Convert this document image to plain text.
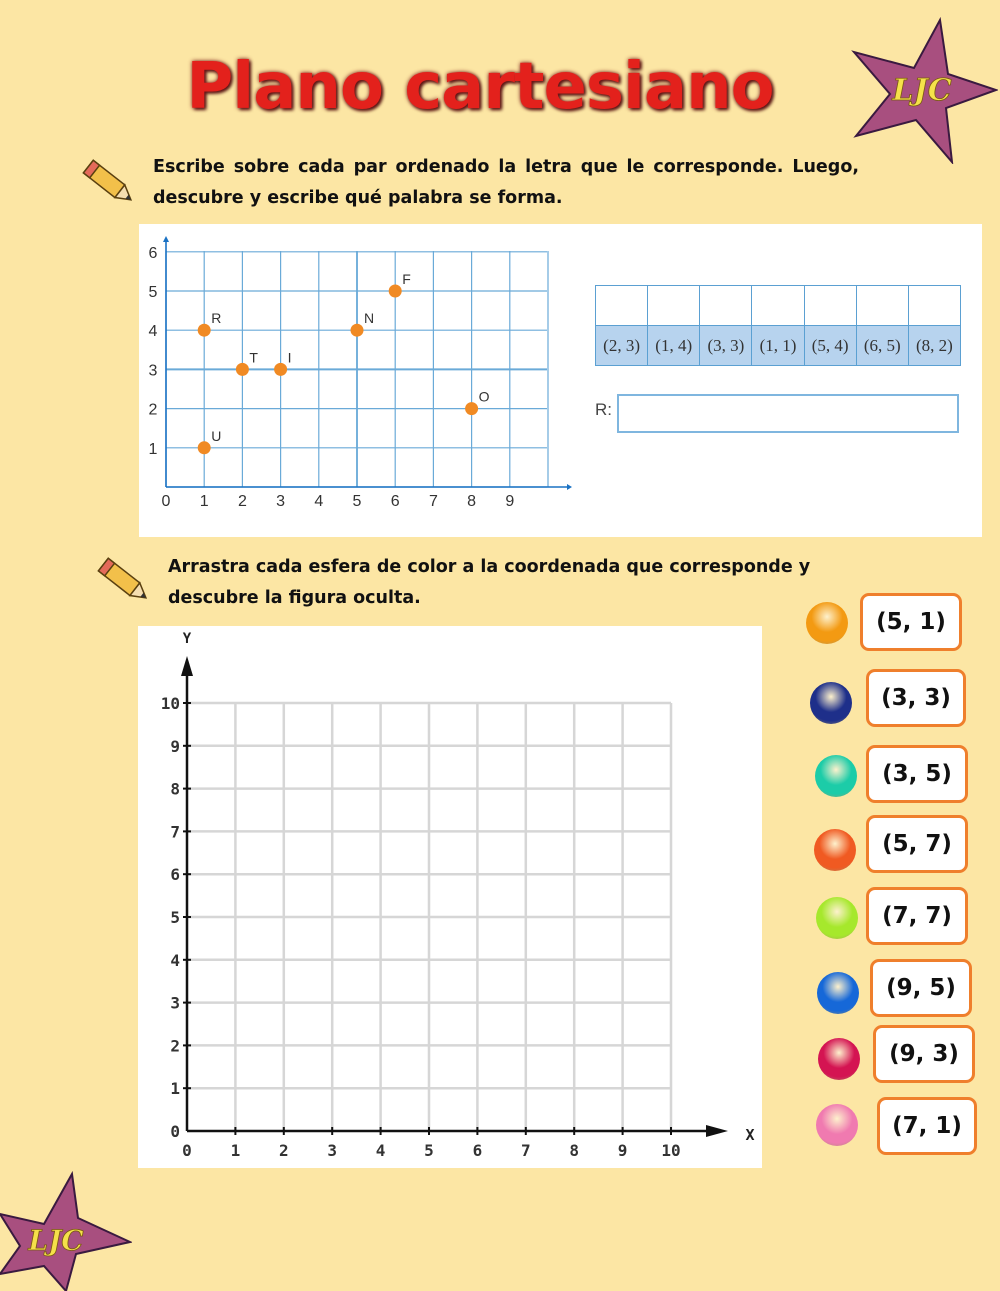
Plano cartesiano	LJC
LJC
Escribe sobre cada par ordenado la letra que le corresponde. Luego, descubre y escribe qué palabra se forma.
Arrastra cada esfera de color a la coordenada que corresponde y descubre la figura oculta.
0 1 2 3 4 5 6 7 8 9
1
2
3
4
5
6
R
T I
N
F
O
U

(2, 3)	(1, 4)	(3, 3)	(1, 1)	(5, 4)	(6, 5)	(8, 2)
R:
X
Y
0 1 2 3 4 5 6 7 8 9 10
0
1
2
3
4
5
6
7
8
9
10
(5, 1)
(3, 3)
(3, 5)
(5, 7)
(7, 7)
(9, 5)
(9, 3)
(7, 1)
